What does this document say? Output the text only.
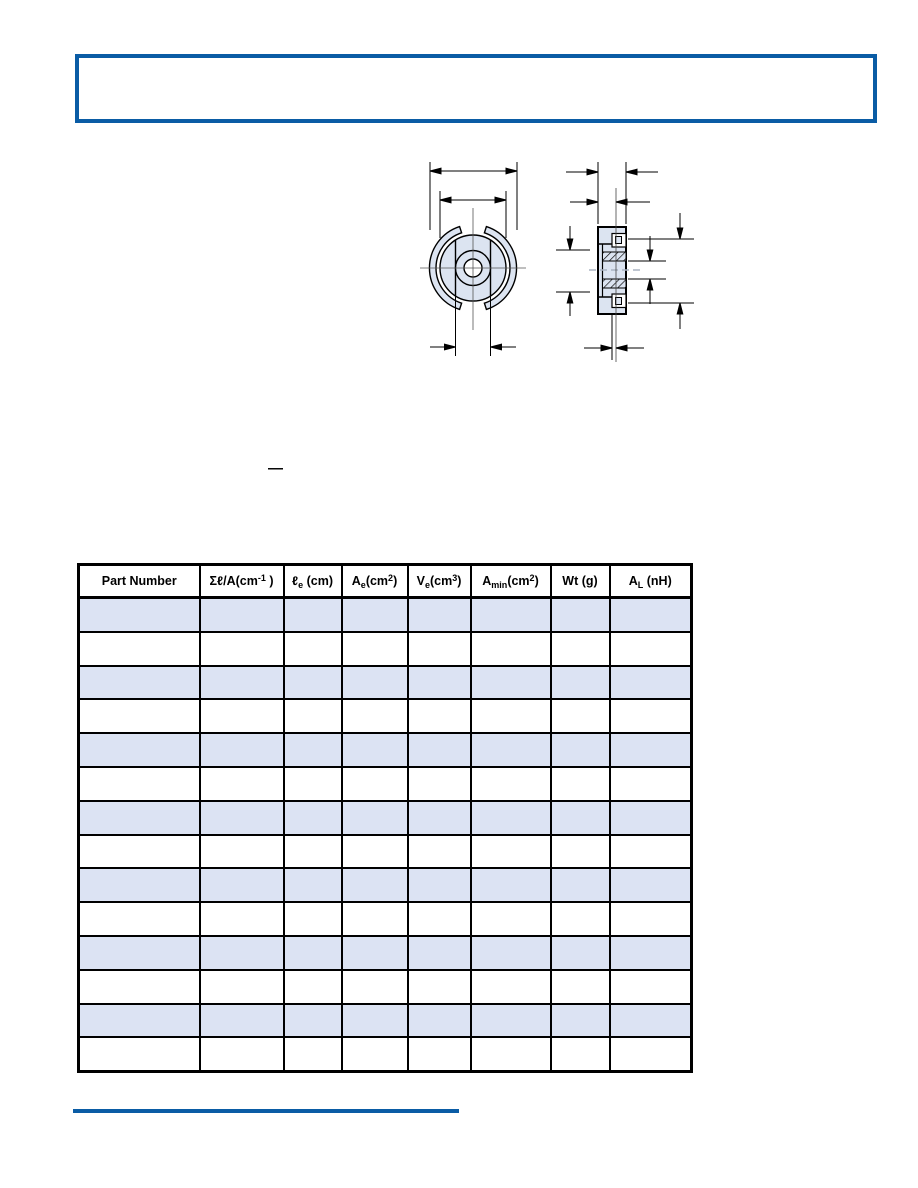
—
Part Number	$\Sigma\ell/A(cm^{-1}$ )	ℓ$_e$ (cm)	$A_e(cm^2)$	$V_e(cm^3)$	$A_{min}(cm^2)$	Wt (g)	$A_L$ (nH)
